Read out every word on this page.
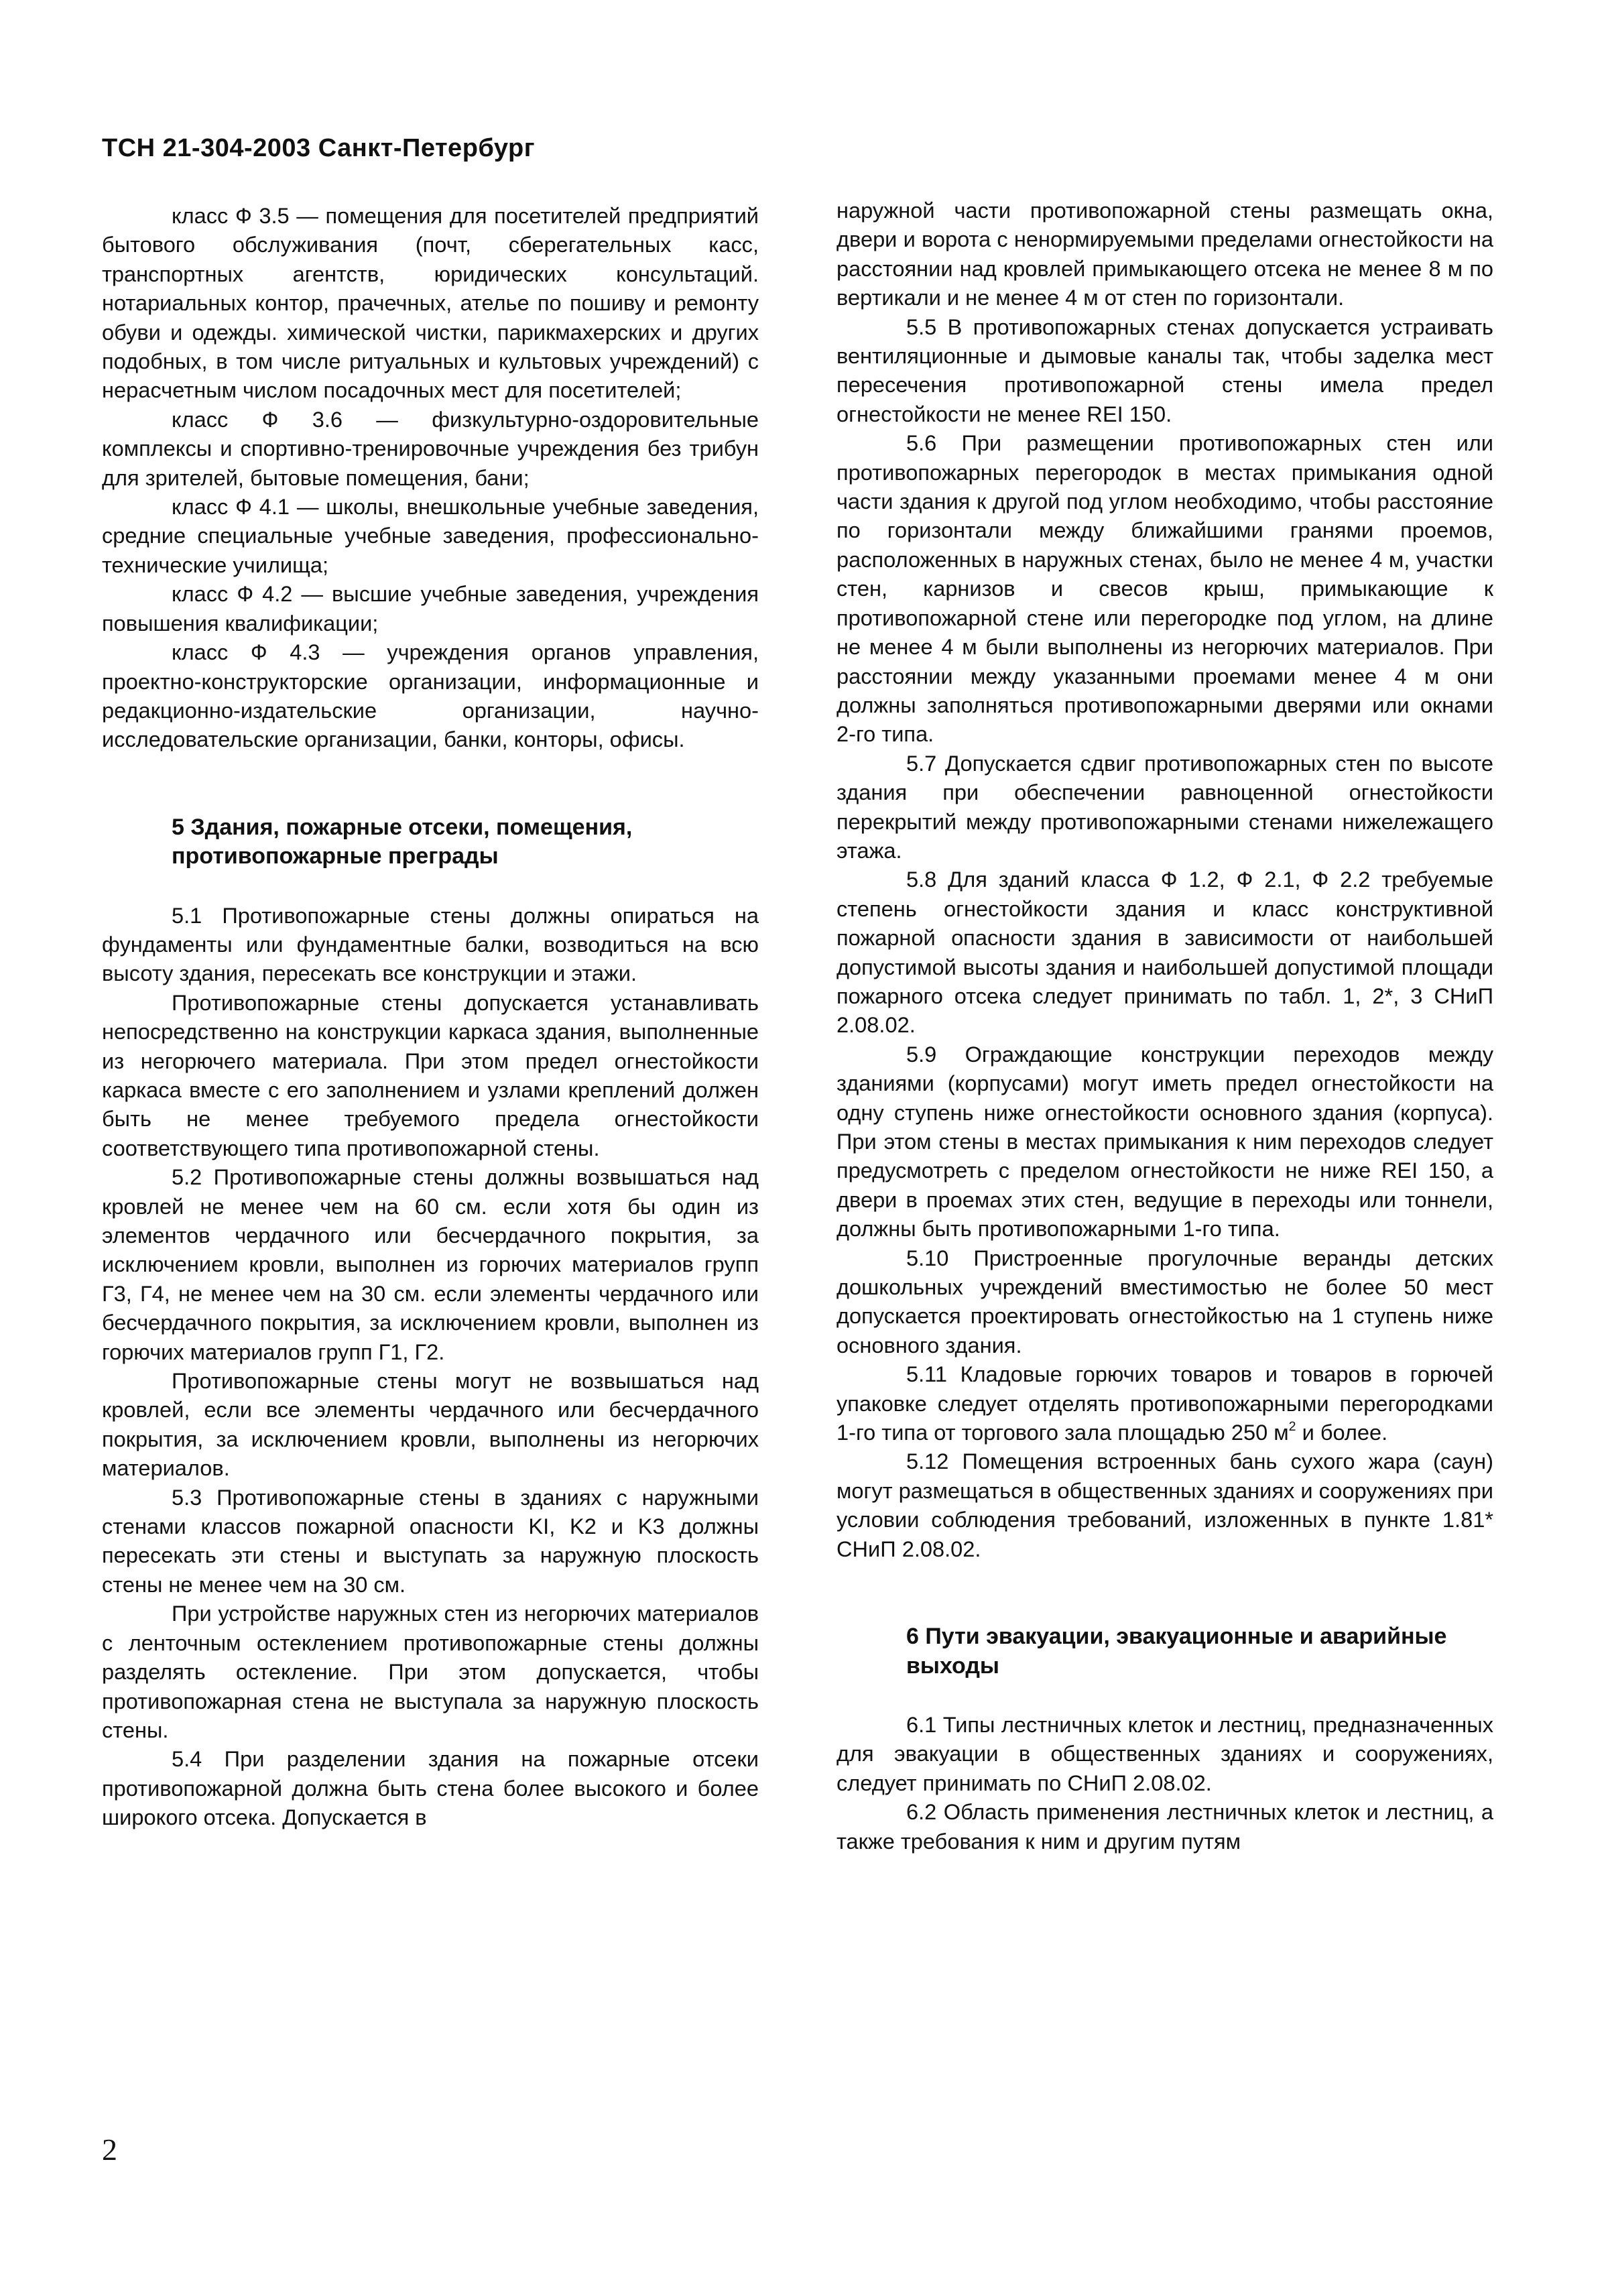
ТСН 21-304-2003 Санкт-Петербург

класс Ф 3.5 — помещения для посетителей предприятий бытового обслуживания (почт, сберегательных касс, транспортных агентств, юридических консультаций. нотариальных контор, прачечных, ателье по пошиву и ремонту обуви и одежды. химической чистки, парикмахерских и других подобных, в том числе ритуальных и культовых учреждений) с нерасчетным числом посадочных мест для посетителей;

класс Ф 3.6 — физкультурно-оздоровительные комплексы и спортивно-тренировочные учреждения без трибун для зрителей, бытовые помещения, бани;

класс Ф 4.1 — школы, внешкольные учебные заведения, средние специальные учебные заведения, профессионально-технические училища;

класс Ф 4.2 — высшие учебные заведения, учреждения повышения квалификации;

класс Ф 4.3 — учреждения органов управления, проектно-конструкторские организации, информационные и редакционно-издательские организации, научно-исследовательские организации, банки, конторы, офисы.

5 Здания, пожарные отсеки, помещения, противопожарные преграды

5.1 Противопожарные стены должны опираться на фундаменты или фундаментные балки, возводиться на всю высоту здания, пересекать все конструкции и этажи.

Противопожарные стены допускается устанавливать непосредственно на конструкции каркаса здания, выполненные из негорючего материала. При этом предел огнестойкости каркаса вместе с его заполнением и узлами креплений должен быть не менее требуемого предела огнестойкости соответствующего типа противопожарной стены.

5.2 Противопожарные стены должны возвышаться над кровлей не менее чем на 60 см. если хотя бы один из элементов чердачного или бесчердачного покрытия, за исключением кровли, выполнен из горючих материалов групп Г3, Г4, не менее чем на 30 см. если элементы чердачного или бесчердачного покрытия, за исключением кровли, выполнен из горючих материалов групп Г1, Г2.

Противопожарные стены могут не возвышаться над кровлей, если все элементы чердачного или бесчердачного покрытия, за исключением кровли, выполнены из негорючих материалов.

5.3 Противопожарные стены в зданиях с наружными стенами классов пожарной опасности KI, K2 и K3 должны пересекать эти стены и выступать за наружную плоскость стены не менее чем на 30 см.

При устройстве наружных стен из негорючих материалов с ленточным остеклением противопожарные стены должны разделять остекление. При этом допускается, чтобы противопожарная стена не выступала за наружную плоскость стены.

5.4 При разделении здания на пожарные отсеки противопожарной должна быть стена более высокого и более широкого отсека. Допускается в

наружной части противопожарной стены размещать окна, двери и ворота с ненормируемыми пределами огнестойкости на расстоянии над кровлей примыкающего отсека не менее 8 м по вертикали и не менее 4 м от стен по горизонтали.

5.5 В противопожарных стенах допускается устраивать вентиляционные и дымовые каналы так, чтобы заделка мест пересечения противопожарной стены имела предел огнестойкости не менее REI 150.

5.6 При размещении противопожарных стен или противопожарных перегородок в местах примыкания одной части здания к другой под углом необходимо, чтобы расстояние по горизонтали между ближайшими гранями проемов, расположенных в наружных стенах, было не менее 4 м, участки стен, карнизов и свесов крыш, примыкающие к противопожарной стене или перегородке под углом, на длине не менее 4 м были выполнены из негорючих материалов. При расстоянии между указанными проемами менее 4 м они должны заполняться противопожарными дверями или окнами 2-го типа.

5.7 Допускается сдвиг противопожарных стен по высоте здания при обеспечении равноценной огнестойкости перекрытий между противопожарными стенами нижележащего этажа.

5.8 Для зданий класса Ф 1.2, Ф 2.1, Ф 2.2 требуемые степень огнестойкости здания и класс конструктивной пожарной опасности здания в зависимости от наибольшей допустимой высоты здания и наибольшей допустимой площади пожарного отсека следует принимать по табл. 1, 2*, 3 СНиП 2.08.02.

5.9 Ограждающие конструкции переходов между зданиями (корпусами) могут иметь предел огнестойкости на одну ступень ниже огнестойкости основного здания (корпуса). При этом стены в местах примыкания к ним переходов следует предусмотреть с пределом огнестойкости не ниже REI 150, а двери в проемах этих стен, ведущие в переходы или тоннели, должны быть противопожарными 1-го типа.

5.10 Пристроенные прогулочные веранды детских дошкольных учреждений вместимостью не более 50 мест допускается проектировать огнестойкостью на 1 ступень ниже основного здания.

5.11 Кладовые горючих товаров и товаров в горючей упаковке следует отделять противопожарными перегородками 1-го типа от торгового зала площадью 250 $м^2$ и более.

5.12 Помещения встроенных бань сухого жара (саун) могут размещаться в общественных зданиях и сооружениях при условии соблюдения требований, изложенных в пункте 1.81* СНиП 2.08.02.

6 Пути эвакуации, эвакуационные и аварийные выходы

6.1 Типы лестничных клеток и лестниц, предназначенных для эвакуации в общественных зданиях и сооружениях, следует принимать по СНиП 2.08.02.

6.2 Область применения лестничных клеток и лестниц, а также требования к ним и другим путям

2
